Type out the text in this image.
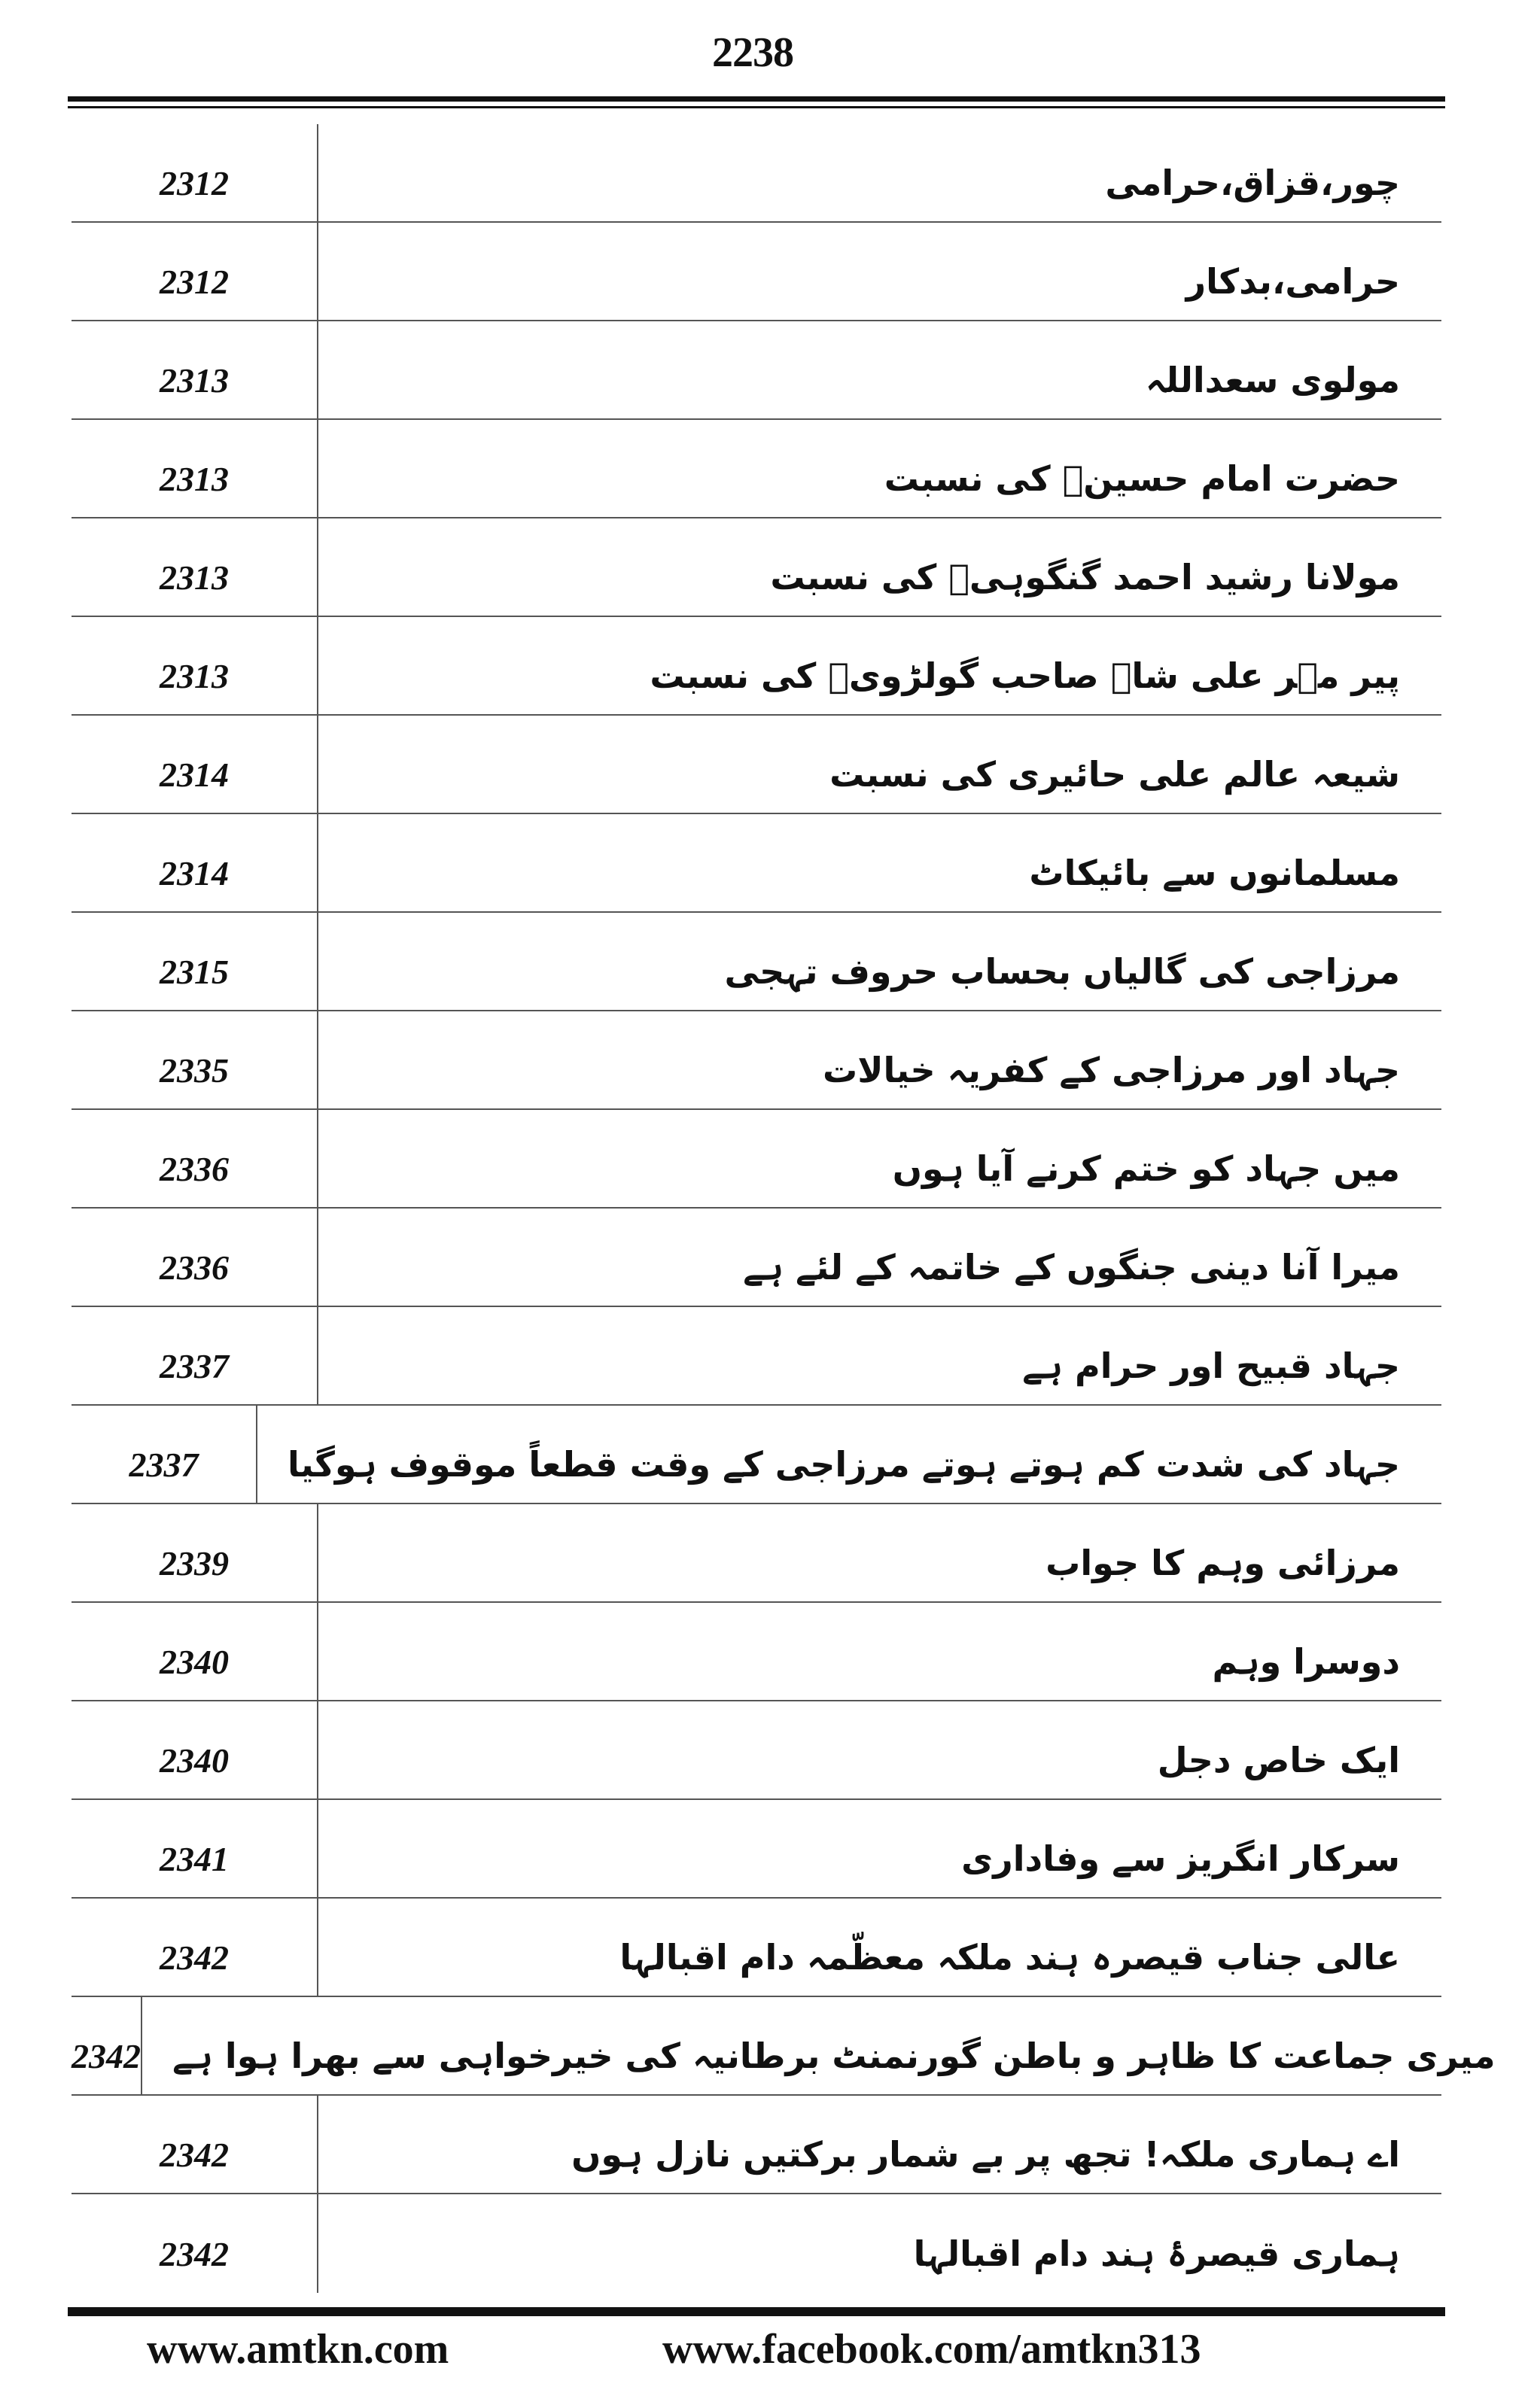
2238
2312	چور،قزاق،حرامی
2312	حرامی،بدکار
2313	مولوی سعداللہ
2313	حضرت امام حسینؓ کی نسبت
2313	مولانا رشید احمد گنگوہیؒ کی نسبت
2313	پیر مہر علی شاہ صاحب گولڑویؒ کی نسبت
2314	شیعہ عالم علی حائیری کی نسبت
2314	مسلمانوں سے بائیکاٹ
2315	مرزاجی کی گالیاں بحساب حروف تہجی
2335	جہاد اور مرزاجی کے کفریہ خیالات
2336	میں جہاد کو ختم کرنے آیا ہوں
2336	میرا آنا دینی جنگوں کے خاتمہ کے لئے ہے
2337	جہاد قبیح اور حرام ہے
2337	جہاد کی شدت کم ہوتے ہوتے مرزاجی کے وقت قطعاً موقوف ہوگیا
2339	مرزائی وہم کا جواب
2340	دوسرا وہم
2340	ایک خاص دجل
2341	سرکار انگریز سے وفاداری
2342	عالی جناب قیصرہ ہند ملکہ معظّمہ دام اقبالہا
2342 میری جماعت کا ظاہر و باطن گورنمنٹ برطانیہ کی خیرخواہی سے بھرا ہوا ہے
2342	اے ہماری ملکہ! تجھ پر بے شمار برکتیں نازل ہوں
2342	ہماری قیصرۂ ہند دام اقبالہا
www.amtkn.com	www.facebook.com/amtkn313
